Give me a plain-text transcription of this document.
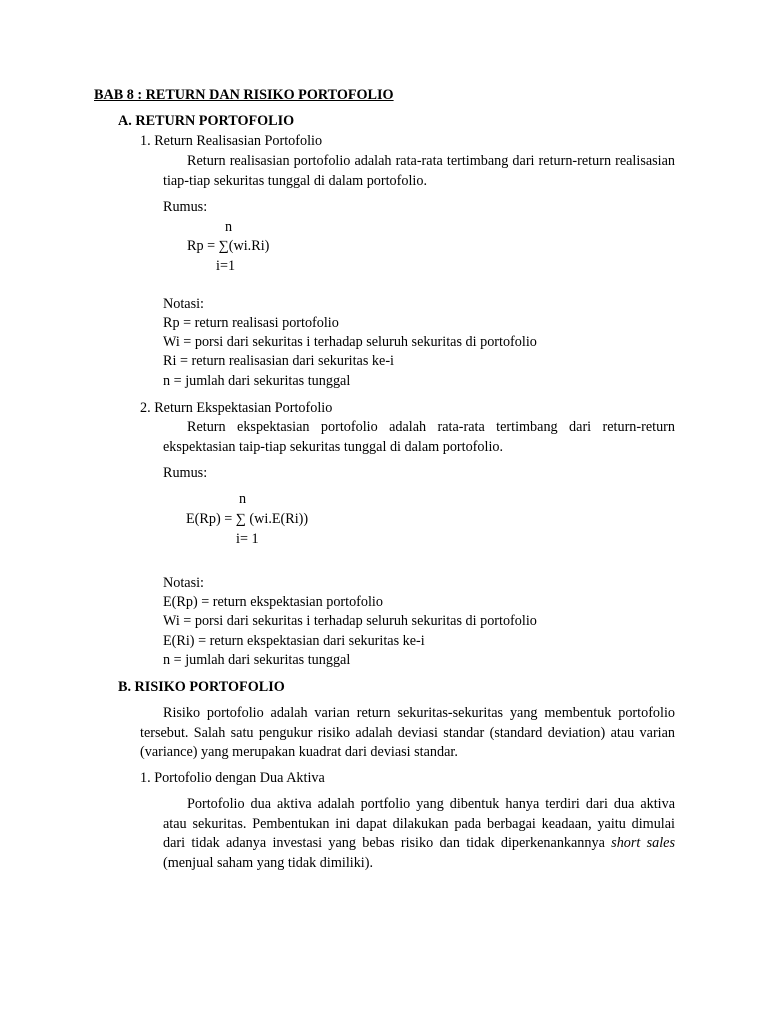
BAB 8 : RETURN DAN RISIKO PORTOFOLIO
A. RETURN PORTOFOLIO
1. Return Realisasian Portofolio
Return realisasian portofolio adalah rata-rata tertimbang dari return-return realisasian tiap-tiap sekuritas tunggal di dalam portofolio.
Rumus:
n
Rp = ∑(wi.Ri)
i=1
Notasi:
Rp = return realisasi portofolio
Wi = porsi dari sekuritas i terhadap seluruh sekuritas di portofolio
Ri = return realisasian dari sekuritas ke-i
n = jumlah dari sekuritas tunggal
2. Return Ekspektasian Portofolio
Return ekspektasian portofolio adalah rata-rata tertimbang dari return-return ekspektasian taip-tiap sekuritas tunggal di dalam portofolio.
Rumus:
n
E(Rp) = ∑ (wi.E(Ri))
i= 1
Notasi:
E(Rp) = return ekspektasian portofolio
Wi = porsi dari sekuritas i terhadap seluruh sekuritas di portofolio
E(Ri) = return ekspektasian dari sekuritas ke-i
n = jumlah dari sekuritas tunggal
B. RISIKO PORTOFOLIO
Risiko portofolio adalah varian return sekuritas-sekuritas yang membentuk portofolio tersebut. Salah satu pengukur risiko adalah deviasi standar (standard deviation) atau varian (variance) yang merupakan kuadrat dari deviasi standar.
1. Portofolio dengan Dua Aktiva
Portofolio dua aktiva adalah portfolio yang dibentuk hanya terdiri dari dua aktiva atau sekuritas. Pembentukan ini dapat dilakukan pada berbagai keadaan, yaitu dimulai dari tidak adanya investasi yang bebas risiko dan tidak diperkenankannya short sales (menjual saham yang tidak dimiliki).
